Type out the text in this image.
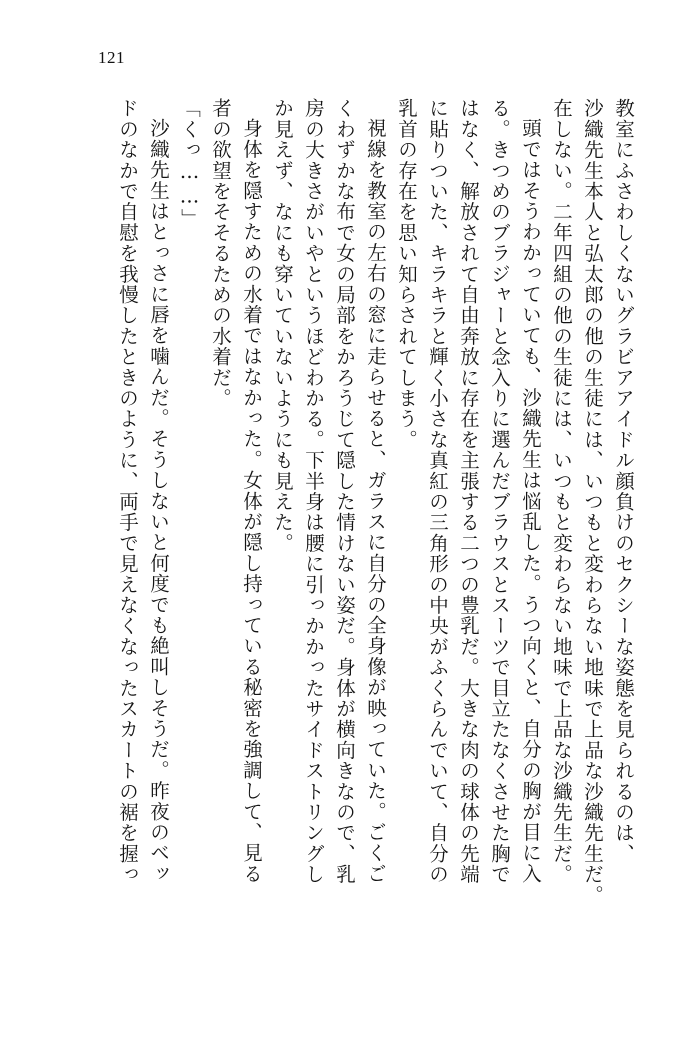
121
教室にふさわしくないグラビアアイドル顔負けのセクシーな姿態を見られるのは、
沙織先生本人と弘太郎の他の生徒には、いつもと変わらない地味で上品な沙織先生だ。
在しない。二年四組の他の生徒には、いつもと変わらない地味で上品な沙織先生だ。
頭ではそうわかっていても、沙織先生は悩乱した。うつ向くと、自分の胸が目に入
る。きつめのブラジャーと念入りに選んだブラウスとスーツで目立たなくさせた胸で
はなく、解放されて自由奔放に存在を主張する二つの豊乳だ。大きな肉の球体の先端
に貼りついた、キラキラと輝く小さな真紅の三角形の中央がふくらんでいて、自分の
乳首の存在を思い知らされてしまう。
視線を教室の左右の窓に走らせると、ガラスに自分の全身像が映っていた。ごくご
くわずかな布で女の局部をかろうじて隠した情けない姿だ。身体が横向きなので、乳
房の大きさがいやというほどわかる。下半身は腰に引っかかったサイドストリングし
か見えず、なにも穿いていないようにも見えた。
身体を隠すための水着ではなかった。女体が隠し持っている秘密を強調して、見る
者の欲望をそそるための水着だ。
「くっ……」
沙織先生はとっさに唇を噛んだ。そうしないと何度でも絶叫しそうだ。昨夜のベッ
ドのなかで自慰を我慢したときのように、両手で見えなくなったスカートの裾を握っ
